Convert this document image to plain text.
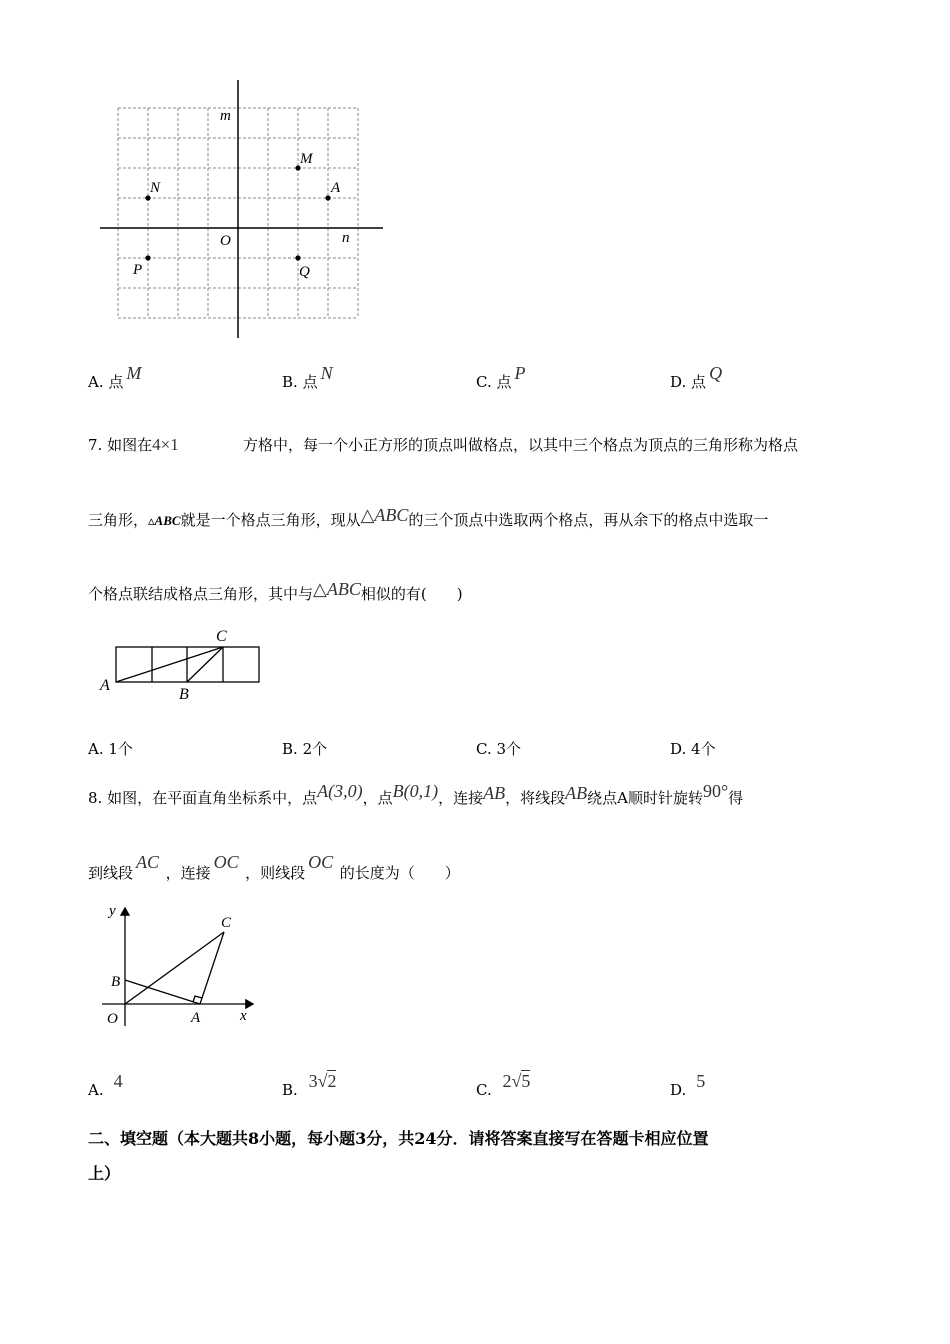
m
M
N	A
O	n
P	Q
A. 点 M	B. 点 N	C. 点 P	D. 点 Q
7. 如图在4×1	方格中，每一个小正方形的顶点叫做格点，以其中三个格点为顶点的三角形称为格点
三角形，▵ABC就是一个格点三角形，现从△ABC的三个顶点中选取两个格点，再从余下的格点中选取一
个格点联结成格点三角形，其中与△ABC相似的有(　　)
C
A
B
A. 1个	B. 2个	C. 3个	D. 4个
8. 如图，在平面直角坐标系中，点A(3,0)，点B(0,1)，连接AB，将线段AB绕点A顺时针旋转90°得
到线段AC  ，连接OC  ，则线段OC  的长度为（　　）
y
C
B
O	A	x
A. 4	B. 3√2	C. 2√5	D. 5
二、填空题（本大题共8小题，每小题3分，共24分．请将答案直接写在答题卡相应位置
上）
